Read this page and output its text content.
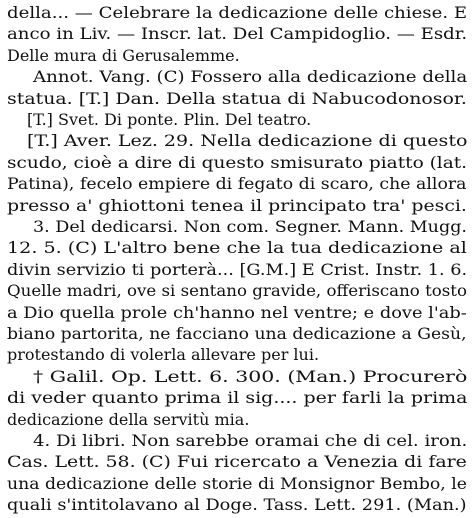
della... — Celebrare la dedicazione delle chiese. E
anco in Liv. — Inscr. lat. Del Campidoglio. — Esdr.
Delle mura di Gerusalemme.
Annot. Vang. (C) Fossero alla dedicazione della
statua. [T.] Dan. Della statua di Nabucodonosor.
[T.] Svet. Di ponte. Plin. Del teatro.
[T.] Aver. Lez. 29. Nella dedicazione di questo
scudo, cioè a dire di questo smisurato piatto (lat.
Patina), fecelo empiere di fegato di scaro, che allora
presso a' ghiottoni tenea il principato tra' pesci.
3. Del dedicarsi. Non com. Segner. Mann. Mugg.
12. 5. (C) L'altro bene che la tua dedicazione al
divin servizio ti porterà... [G.M.] E Crist. Instr. 1. 6.
Quelle madri, ove si sentano gravide, offeriscano tosto
a Dio quella prole ch'hanno nel ventre; e dove l'ab-
biano partorita, ne facciano una dedicazione a Gesù,
protestando di volerla allevare per lui.
† Galil. Op. Lett. 6. 300. (Man.) Procurerò
di veder quanto prima il sig.... per farli la prima
dedicazione della servitù mia.
4. Di libri. Non sarebbe oramai che di cel. iron.
Cas. Lett. 58. (C) Fui ricercato a Venezia di fare
una dedicazione delle storie di Monsignor Bembo, le
quali s'intitolavano al Doge. Tass. Lett. 291. (Man.)
